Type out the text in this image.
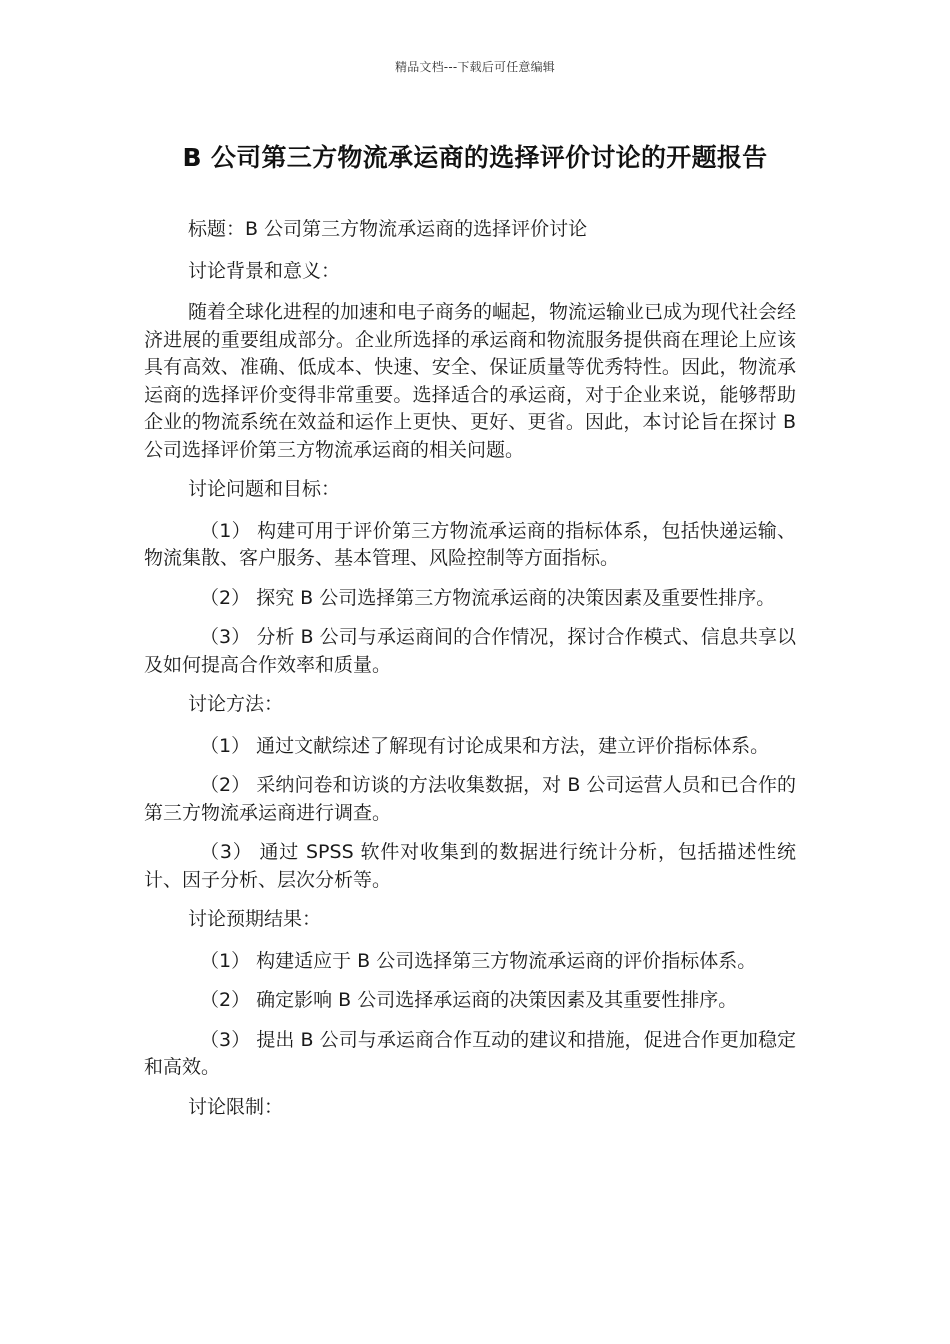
精品文档---下载后可任意编辑
B 公司第三方物流承运商的选择评价讨论的开题报告

标题：B 公司第三方物流承运商的选择评价讨论

讨论背景和意义：

随着全球化进程的加速和电子商务的崛起，物流运输业已成为现代社会经济进展的重要组成部分。企业所选择的承运商和物流服务提供商在理论上应该具有高效、准确、低成本、快速、安全、保证质量等优秀特性。因此，物流承运商的选择评价变得非常重要。选择适合的承运商，对于企业来说，能够帮助企业的物流系统在效益和运作上更快、更好、更省。因此，本讨论旨在探讨 B 公司选择评价第三方物流承运商的相关问题。

讨论问题和目标：

（1） 构建可用于评价第三方物流承运商的指标体系，包括快递运输、物流集散、客户服务、基本管理、风险控制等方面指标。

（2） 探究 B 公司选择第三方物流承运商的决策因素及重要性排序。

（3） 分析 B 公司与承运商间的合作情况，探讨合作模式、信息共享以及如何提高合作效率和质量。

讨论方法：

（1） 通过文献综述了解现有讨论成果和方法，建立评价指标体系。

（2） 采纳问卷和访谈的方法收集数据，对 B 公司运营人员和已合作的第三方物流承运商进行调查。

（3） 通过 SPSS 软件对收集到的数据进行统计分析，包括描述性统计、因子分析、层次分析等。

讨论预期结果：

（1） 构建适应于 B 公司选择第三方物流承运商的评价指标体系。

（2） 确定影响 B 公司选择承运商的决策因素及其重要性排序。

（3） 提出 B 公司与承运商合作互动的建议和措施，促进合作更加稳定和高效。

讨论限制：
